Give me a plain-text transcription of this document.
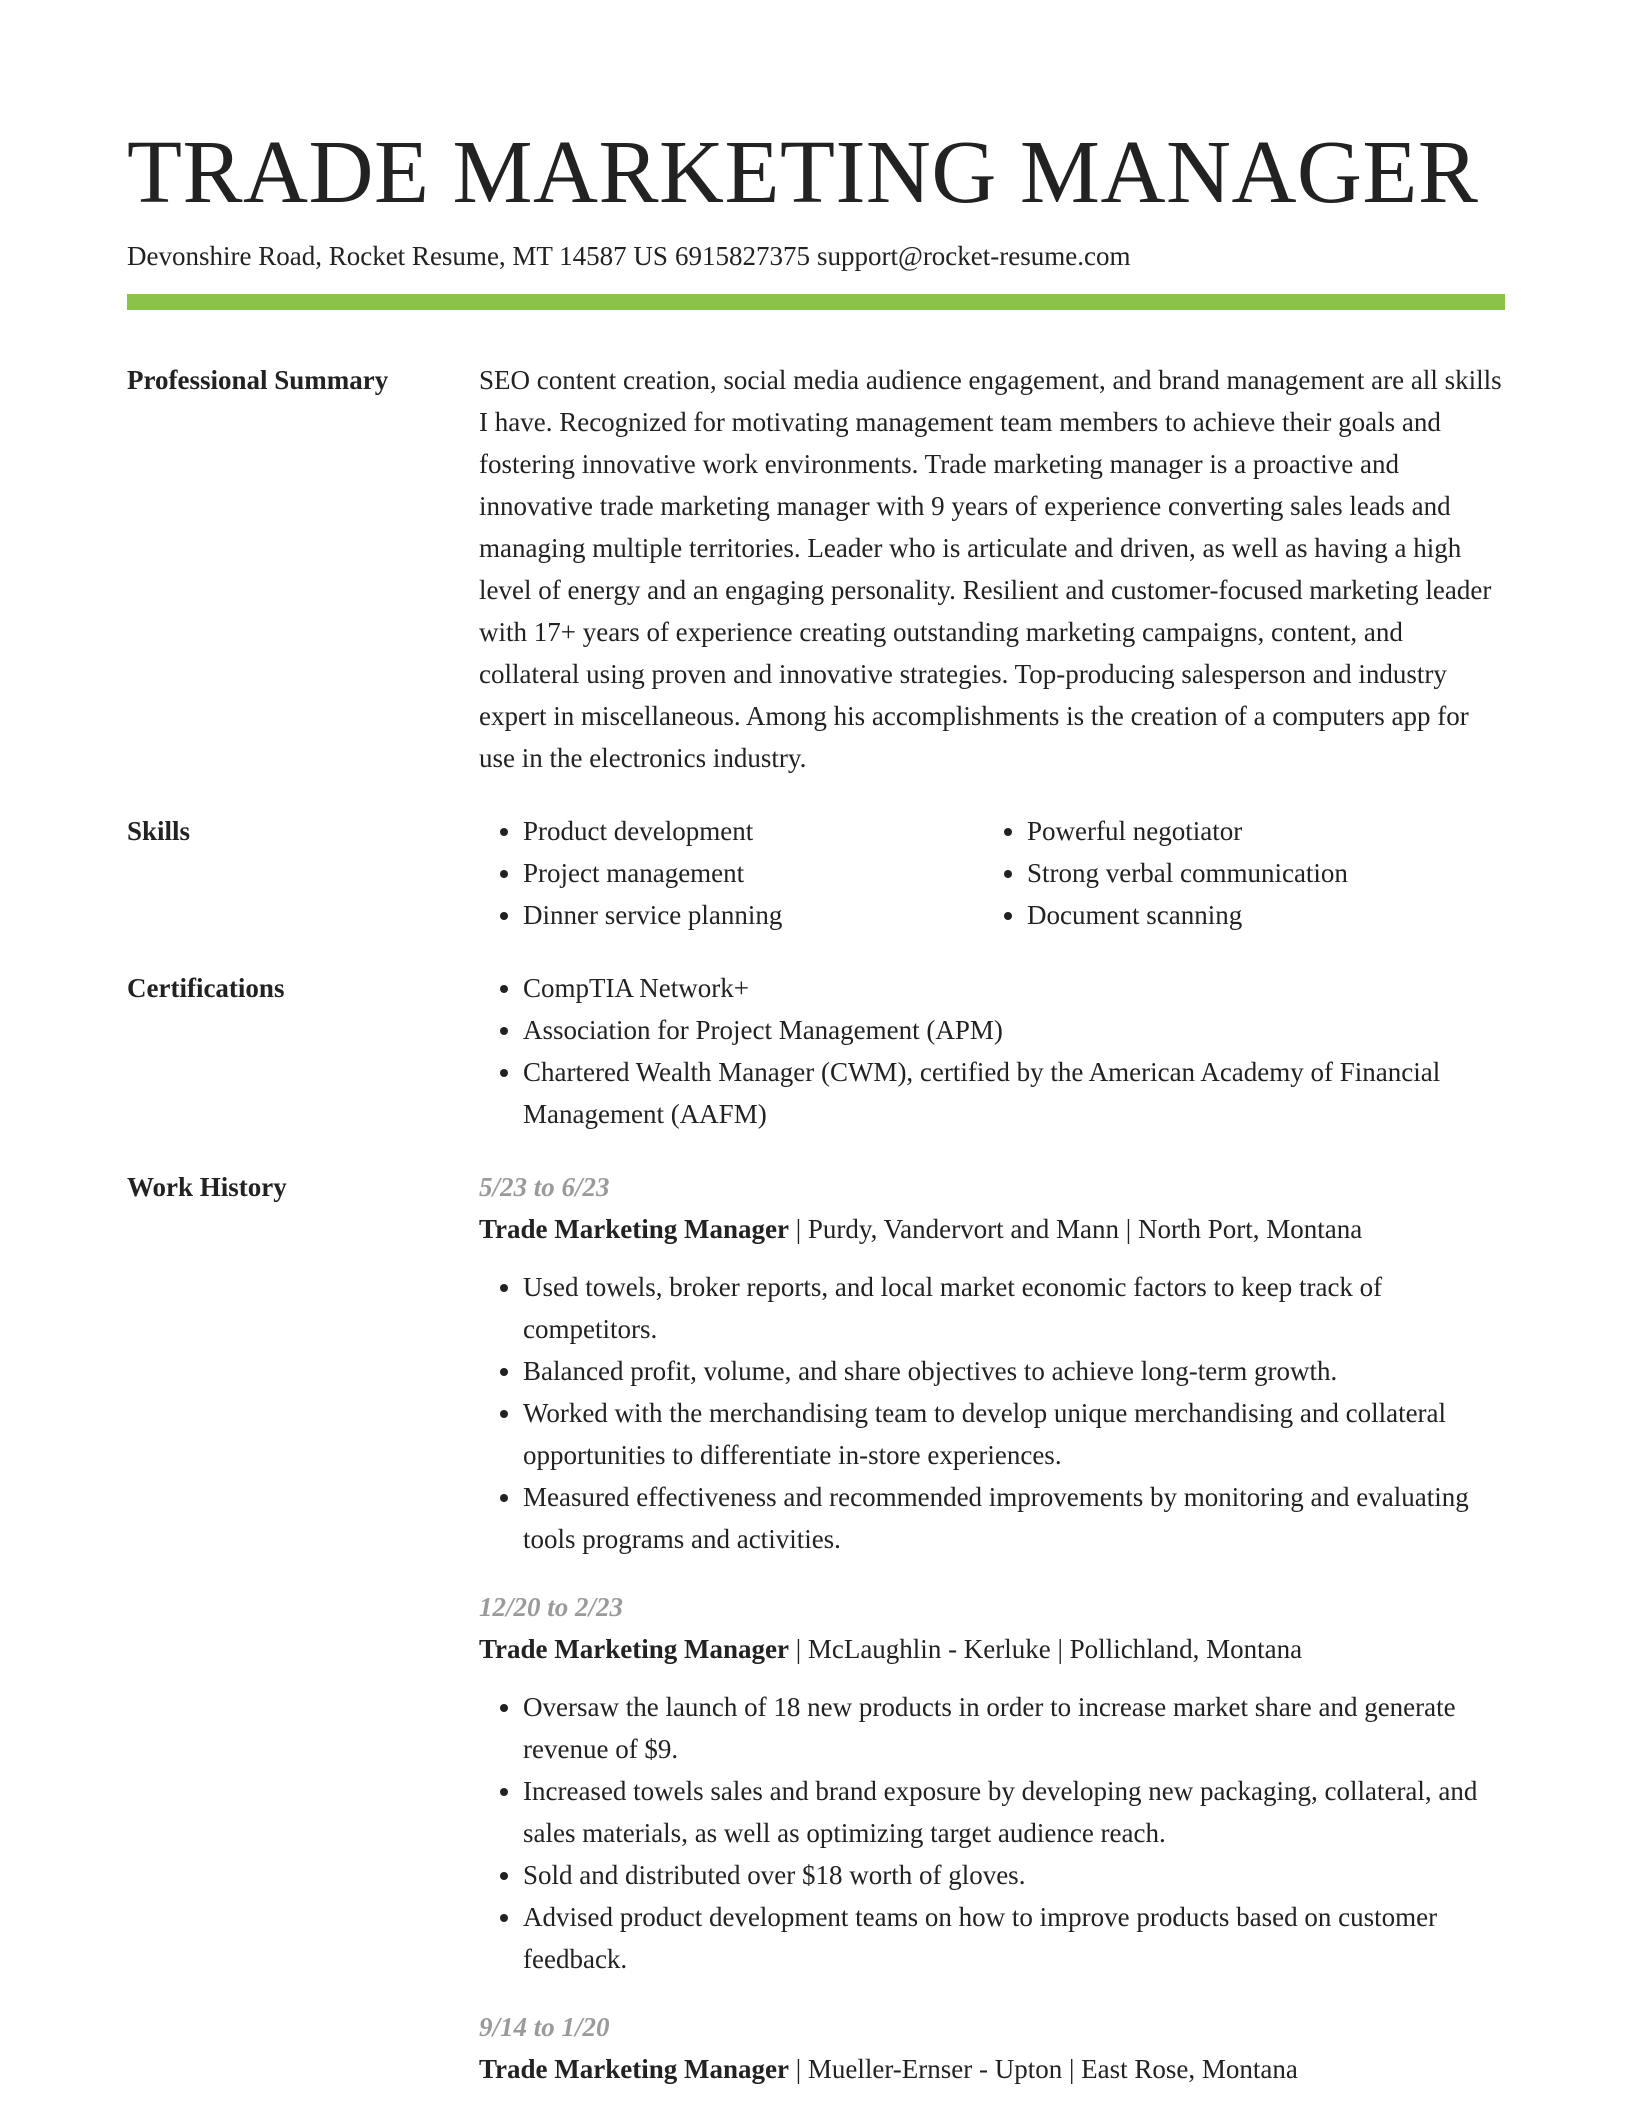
TRADE MARKETING MANAGER
Devonshire Road, Rocket Resume, MT 14587 US 6915827375 support@rocket-resume.com
Professional Summary	SEO content creation, social media audience engagement, and brand management are all skills I have. Recognized for motivating management team members to achieve their goals and fostering innovative work environments. Trade marketing manager is a proactive and innovative trade marketing manager with 9 years of experience converting sales leads and managing multiple territories. Leader who is articulate and driven, as well as having a high level of energy and an engaging personality. Resilient and customer-focused marketing leader with 17+ years of experience creating outstanding marketing campaigns, content, and collateral using proven and innovative strategies. Top-producing salesperson and industry expert in miscellaneous. Among his accomplishments is the creation of a computers app for use in the electronics industry.

Skills	• Product development
• Project management
• Dinner service planning
• Powerful negotiator
• Strong verbal communication
• Document scanning
Certifications	• CompTIA Network+
• Association for Project Management (APM)
• Chartered Wealth Manager (CWM), certified by the American Academy of Financial Management (AAFM)
Work History	5/23 to 6/23
Trade Marketing Manager | Purdy, Vandervort and Mann | North Port, Montana
• Used towels, broker reports, and local market economic factors to keep track of competitors.
• Balanced profit, volume, and share objectives to achieve long-term growth.
• Worked with the merchandising team to develop unique merchandising and collateral opportunities to differentiate in-store experiences.
• Measured effectiveness and recommended improvements by monitoring and evaluating tools programs and activities.
12/20 to 2/23
Trade Marketing Manager | McLaughlin - Kerluke | Pollichland, Montana
• Oversaw the launch of 18 new products in order to increase market share and generate revenue of $9.
• Increased towels sales and brand exposure by developing new packaging, collateral, and sales materials, as well as optimizing target audience reach.
• Sold and distributed over $18 worth of gloves.
• Advised product development teams on how to improve products based on customer feedback.
9/14 to 1/20
Trade Marketing Manager | Mueller-Ernser - Upton | East Rose, Montana
